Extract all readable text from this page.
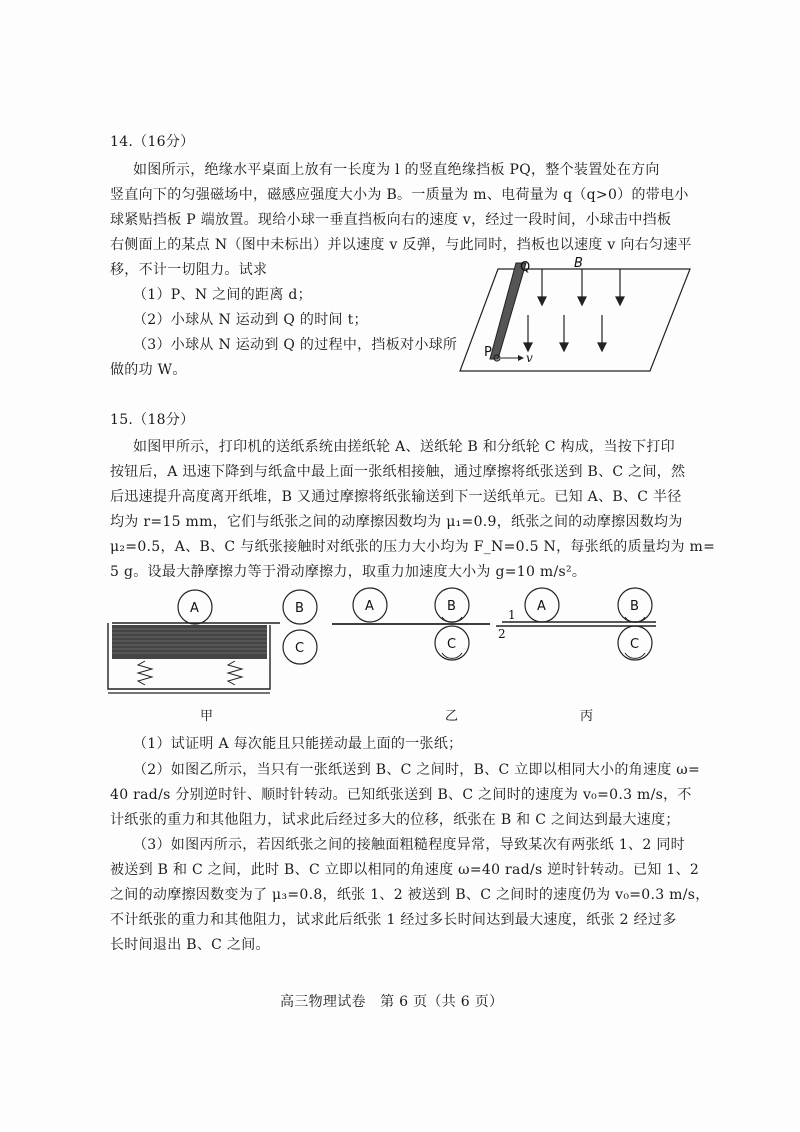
14.（16分）
如图所示，绝缘水平桌面上放有一长度为 l 的竖直绝缘挡板 PQ，整个装置处在方向
竖直向下的匀强磁场中，磁感应强度大小为 B。一质量为 m、电荷量为 q（q>0）的带电小
球紧贴挡板 P 端放置。现给小球一垂直挡板向右的速度 v，经过一段时间，小球击中挡板
右侧面上的某点 N（图中未标出）并以速度 v 反弹，与此同时，挡板也以速度 v 向右匀速平
移，不计一切阻力。试求
（1）P、N 之间的距离 d；
（2）小球从 N 运动到 Q 的时间 t；
（3）小球从 N 运动到 Q 的过程中，挡板对小球所
做的功 W。
Q	B
P	v
15.（18分）
如图甲所示，打印机的送纸系统由搓纸轮 A、送纸轮 B 和分纸轮 C 构成，当按下打印
按钮后，A 迅速下降到与纸盒中最上面一张纸相接触，通过摩擦将纸张送到 B、C 之间，然
后迅速提升高度离开纸堆，B 又通过摩擦将纸张输送到下一送纸单元。已知 A、B、C 半径
均为 r=15 mm，它们与纸张之间的动摩擦因数均为 μ₁=0.9，纸张之间的动摩擦因数均为
μ₂=0.5，A、B、C 与纸张接触时对纸张的压力大小均为 F_N=0.5 N，每张纸的质量均为 m=
5 g。设最大静摩擦力等于滑动摩擦力，取重力加速度大小为 g=10 m/s²。
A	B
C
甲
A	B
C
乙
A	B
C
1
2
丙
（1）试证明 A 每次能且只能搓动最上面的一张纸；
（2）如图乙所示，当只有一张纸送到 B、C 之间时，B、C 立即以相同大小的角速度 ω=
40 rad/s 分别逆时针、顺时针转动。已知纸张送到 B、C 之间时的速度为 v₀=0.3 m/s，不
计纸张的重力和其他阻力，试求此后经过多大的位移，纸张在 B 和 C 之间达到最大速度；
（3）如图丙所示，若因纸张之间的接触面粗糙程度异常，导致某次有两张纸 1、2 同时
被送到 B 和 C 之间，此时 B、C 立即以相同的角速度 ω=40 rad/s 逆时针转动。已知 1、2
之间的动摩擦因数变为了 μ₃=0.8，纸张 1、2 被送到 B、C 之间时的速度仍为 v₀=0.3 m/s，
不计纸张的重力和其他阻力，试求此后纸张 1 经过多长时间达到最大速度，纸张 2 经过多
长时间退出 B、C 之间。
高三物理试卷　第 6 页（共 6 页）
